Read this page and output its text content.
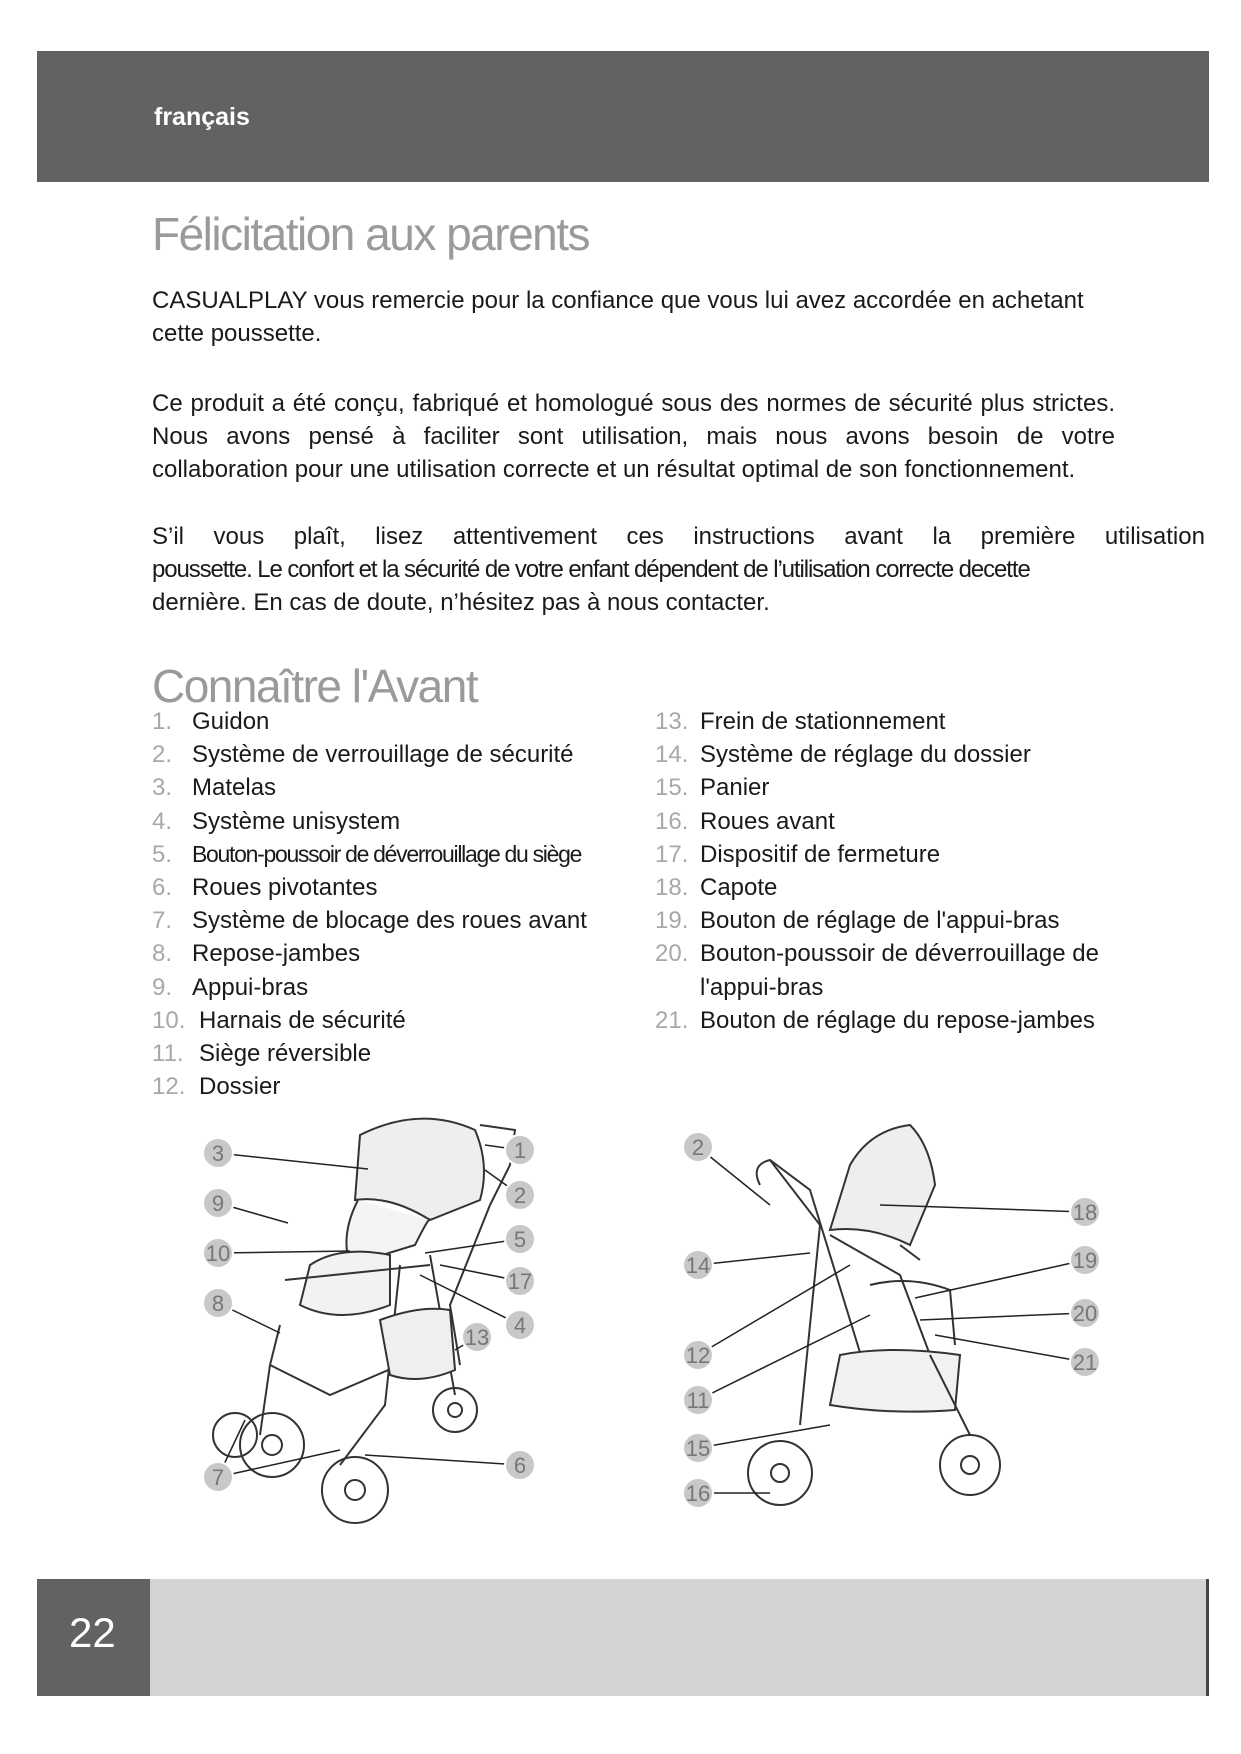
français
Félicitation aux parents

CASUALPLAY vous remercie pour la confiance que vous lui avez accordée en achetant cette poussette.

Ce produit a été conçu, fabriqué et homologué sous des normes de sécurité plus strictes. Nous avons pensé à faciliter sont utilisation, mais nous avons besoin de votre collaboration pour une utilisation correcte et un résultat optimal de son fonctionnement.

S’il vous plaît, lisez attentivement ces instructions avant la première utilisation
poussette. Le confort et la sécurité de votre enfant dépendent de l’utilisation correcte decette
dernière. En cas de doute, n’hésitez pas à nous contacter.
Connaître l'Avant
1. Guidon
2. Système de verrouillage de sécurité
3. Matelas
4. Système unisystem
5. Bouton-poussoir de déverrouillage du siège
6. Roues pivotantes
7. Système de blocage des roues avant
8. Repose-jambes
9. Appui-bras
10. Harnais de sécurité
11. Siège réversible
12. Dossier
13. Frein de stationnement
14. Système de réglage du dossier
15. Panier
16. Roues avant
17. Dispositif de fermeture
18. Capote
19. Bouton de réglage de l'appui-bras
20. Bouton-poussoir de déverrouillage de
l'appui-bras
21. Bouton de réglage du repose-jambes
3
9
10
8
7
1
2
5
17
4
13
6
2
14
12
11
15
16
18
19
20
21
22
